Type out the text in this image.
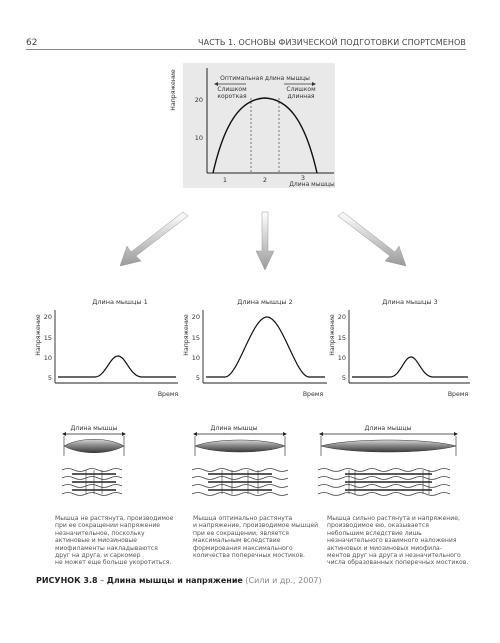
62	ЧАСТЬ 1. ОСНОВЫ ФИЗИЧЕСКОЙ ПОДГОТОВКИ СПОРТСМЕНОВ
Напряжение	20
10
1	2	3
Длина мышцы
Оптимальная длина мышцы
Слишком
короткая
Слишком
длинная
Длина мышцы 1
Напряжение 20
15
10
5
Время
Длина мышцы 2
Напряжение 20
15
10
5
Время
Длина мышцы 3
Напряжение 20
15
10
5
Время
Длина мышцы	Длина мышцы	Длина мышцы
Мышца не растянута, производимое
при ее сокращении напряжение
незначительное, поскольку
актиновые и миозиновые
миофиламенты накладываются
друг на друга, и саркомер
не может еще больше укоротиться.
Мышца оптимально растянута
и напряжение, производимое мышцей
при ее сокращении, является
максимальным вследствие
формирования максимального
количества поперечных мостиков.
Мышца сильно растянута и напряжение,
производимое ею, оказывается
небольшим вследствие лишь
незначительного взаимного наложения
актиновых и миозиновых миофила-
ментов друг на друга и незначительного
числа образованных поперечных мостиков.
РИСУНОК 3.8 – Длина мышцы и напряжение (Сили и др., 2007)
